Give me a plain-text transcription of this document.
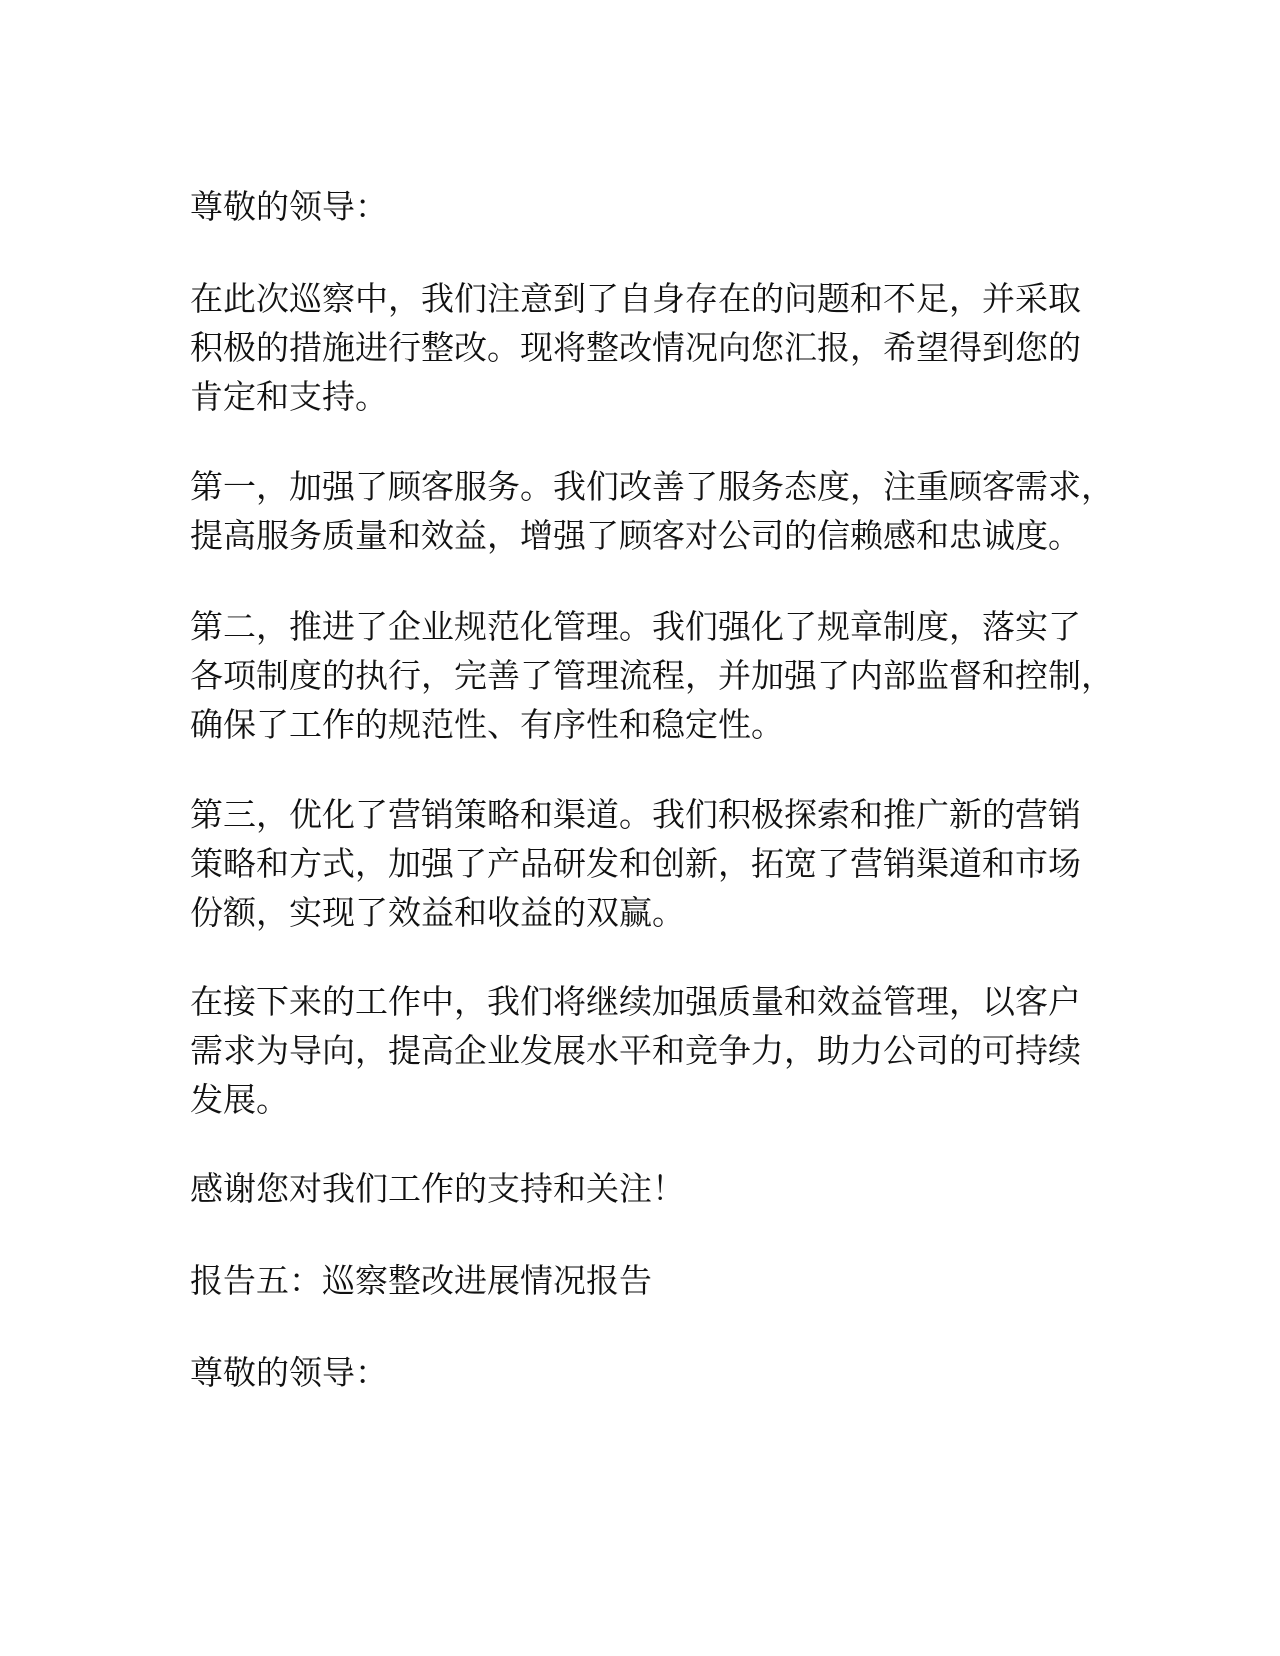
尊敬的领导：
在此次巡察中，我们注意到了自身存在的问题和不足，并采取
积极的措施进行整改。现将整改情况向您汇报，希望得到您的
肯定和支持。
第一，加强了顾客服务。我们改善了服务态度，注重顾客需求，
提高服务质量和效益，增强了顾客对公司的信赖感和忠诚度。
第二，推进了企业规范化管理。我们强化了规章制度，落实了
各项制度的执行，完善了管理流程，并加强了内部监督和控制，
确保了工作的规范性、有序性和稳定性。
第三，优化了营销策略和渠道。我们积极探索和推广新的营销
策略和方式，加强了产品研发和创新，拓宽了营销渠道和市场
份额，实现了效益和收益的双赢。
在接下来的工作中，我们将继续加强质量和效益管理，以客户
需求为导向，提高企业发展水平和竞争力，助力公司的可持续
发展。
感谢您对我们工作的支持和关注！
报告五：巡察整改进展情况报告
尊敬的领导：
